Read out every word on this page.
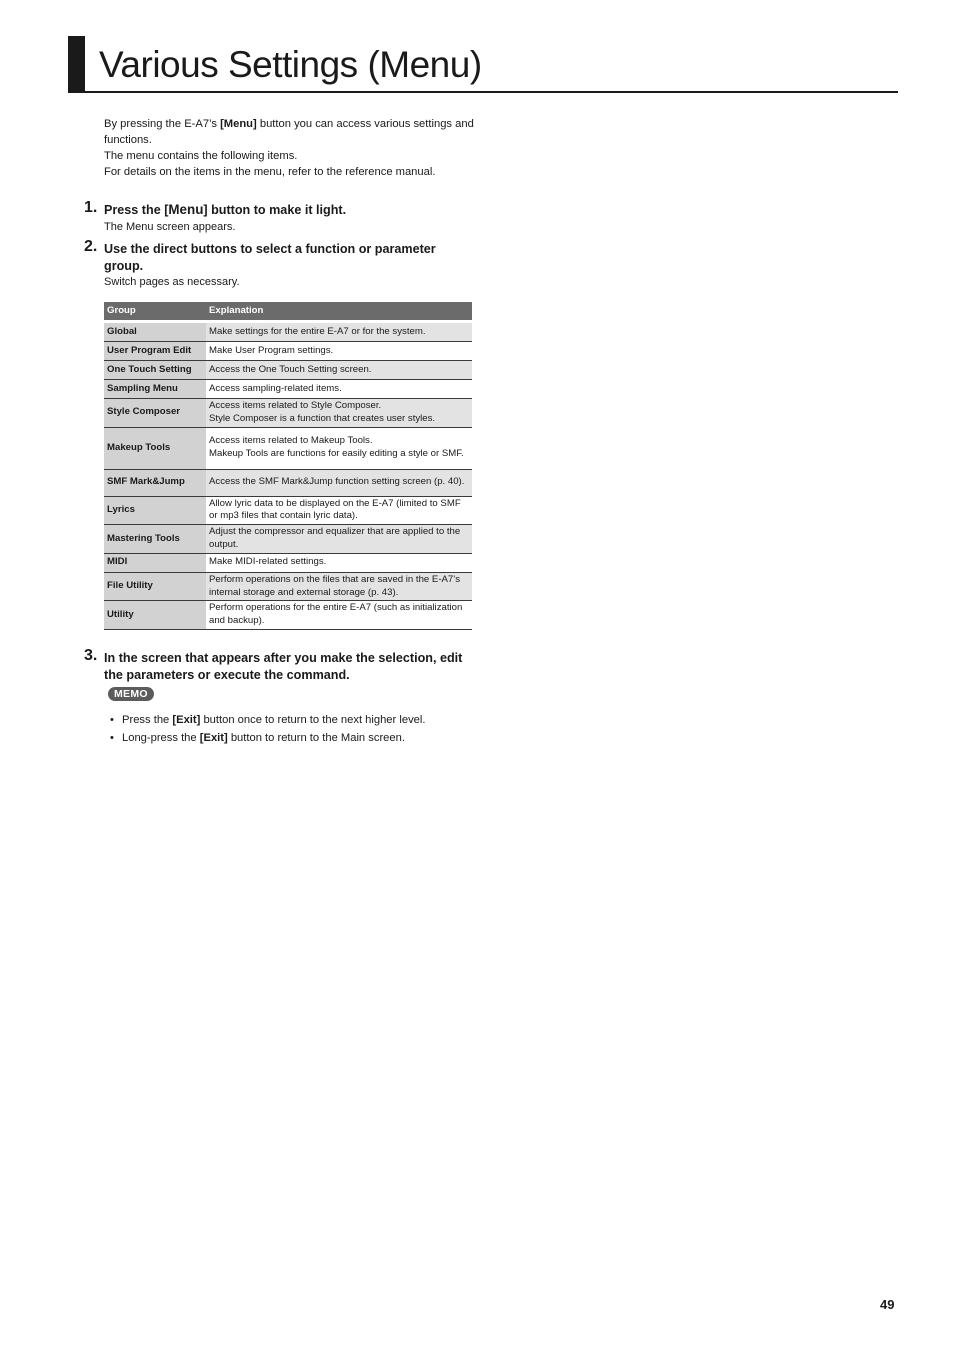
Various Settings (Menu)

By pressing the E-A7’s [Menu] button you can access various settings and functions.

The menu contains the following items.

For details on the items in the menu, refer to the reference manual.

1. Press the [Menu] button to make it light.
The Menu screen appears.
2. Use the direct buttons to select a function or parameter group.
Switch pages as necessary.
Group	Explanation
Global	Make settings for the entire E-A7 or for the system.
User Program Edit	Make User Program settings.
One Touch Setting	Access the One Touch Setting screen.
Sampling Menu	Access sampling-related items.
Style Composer	Access items related to Style Composer.
Style Composer is a function that creates user styles.

Makeup Tools	Access items related to Makeup Tools.
Makeup Tools are functions for easily editing a style or SMF.

SMF Mark&Jump	Access the SMF Mark&Jump function setting screen (p. 40).
Lyrics	Allow lyric data to be displayed on the E-A7 (limited to SMF or mp3 files that contain lyric data).
Mastering Tools	Adjust the compressor and equalizer that are applied to the output.
MIDI	Make MIDI-related settings.
File Utility	Perform operations on the files that are saved in the E-A7’s internal storage and external storage (p. 43).
Utility	Perform operations for the entire E-A7 (such as initialization and backup).
3. In the screen that appears after you make the selection, edit the parameters or execute the command.
MEMO
• Press the [Exit] button once to return to the next higher level.
• Long-press the [Exit] button to return to the Main screen.
49
